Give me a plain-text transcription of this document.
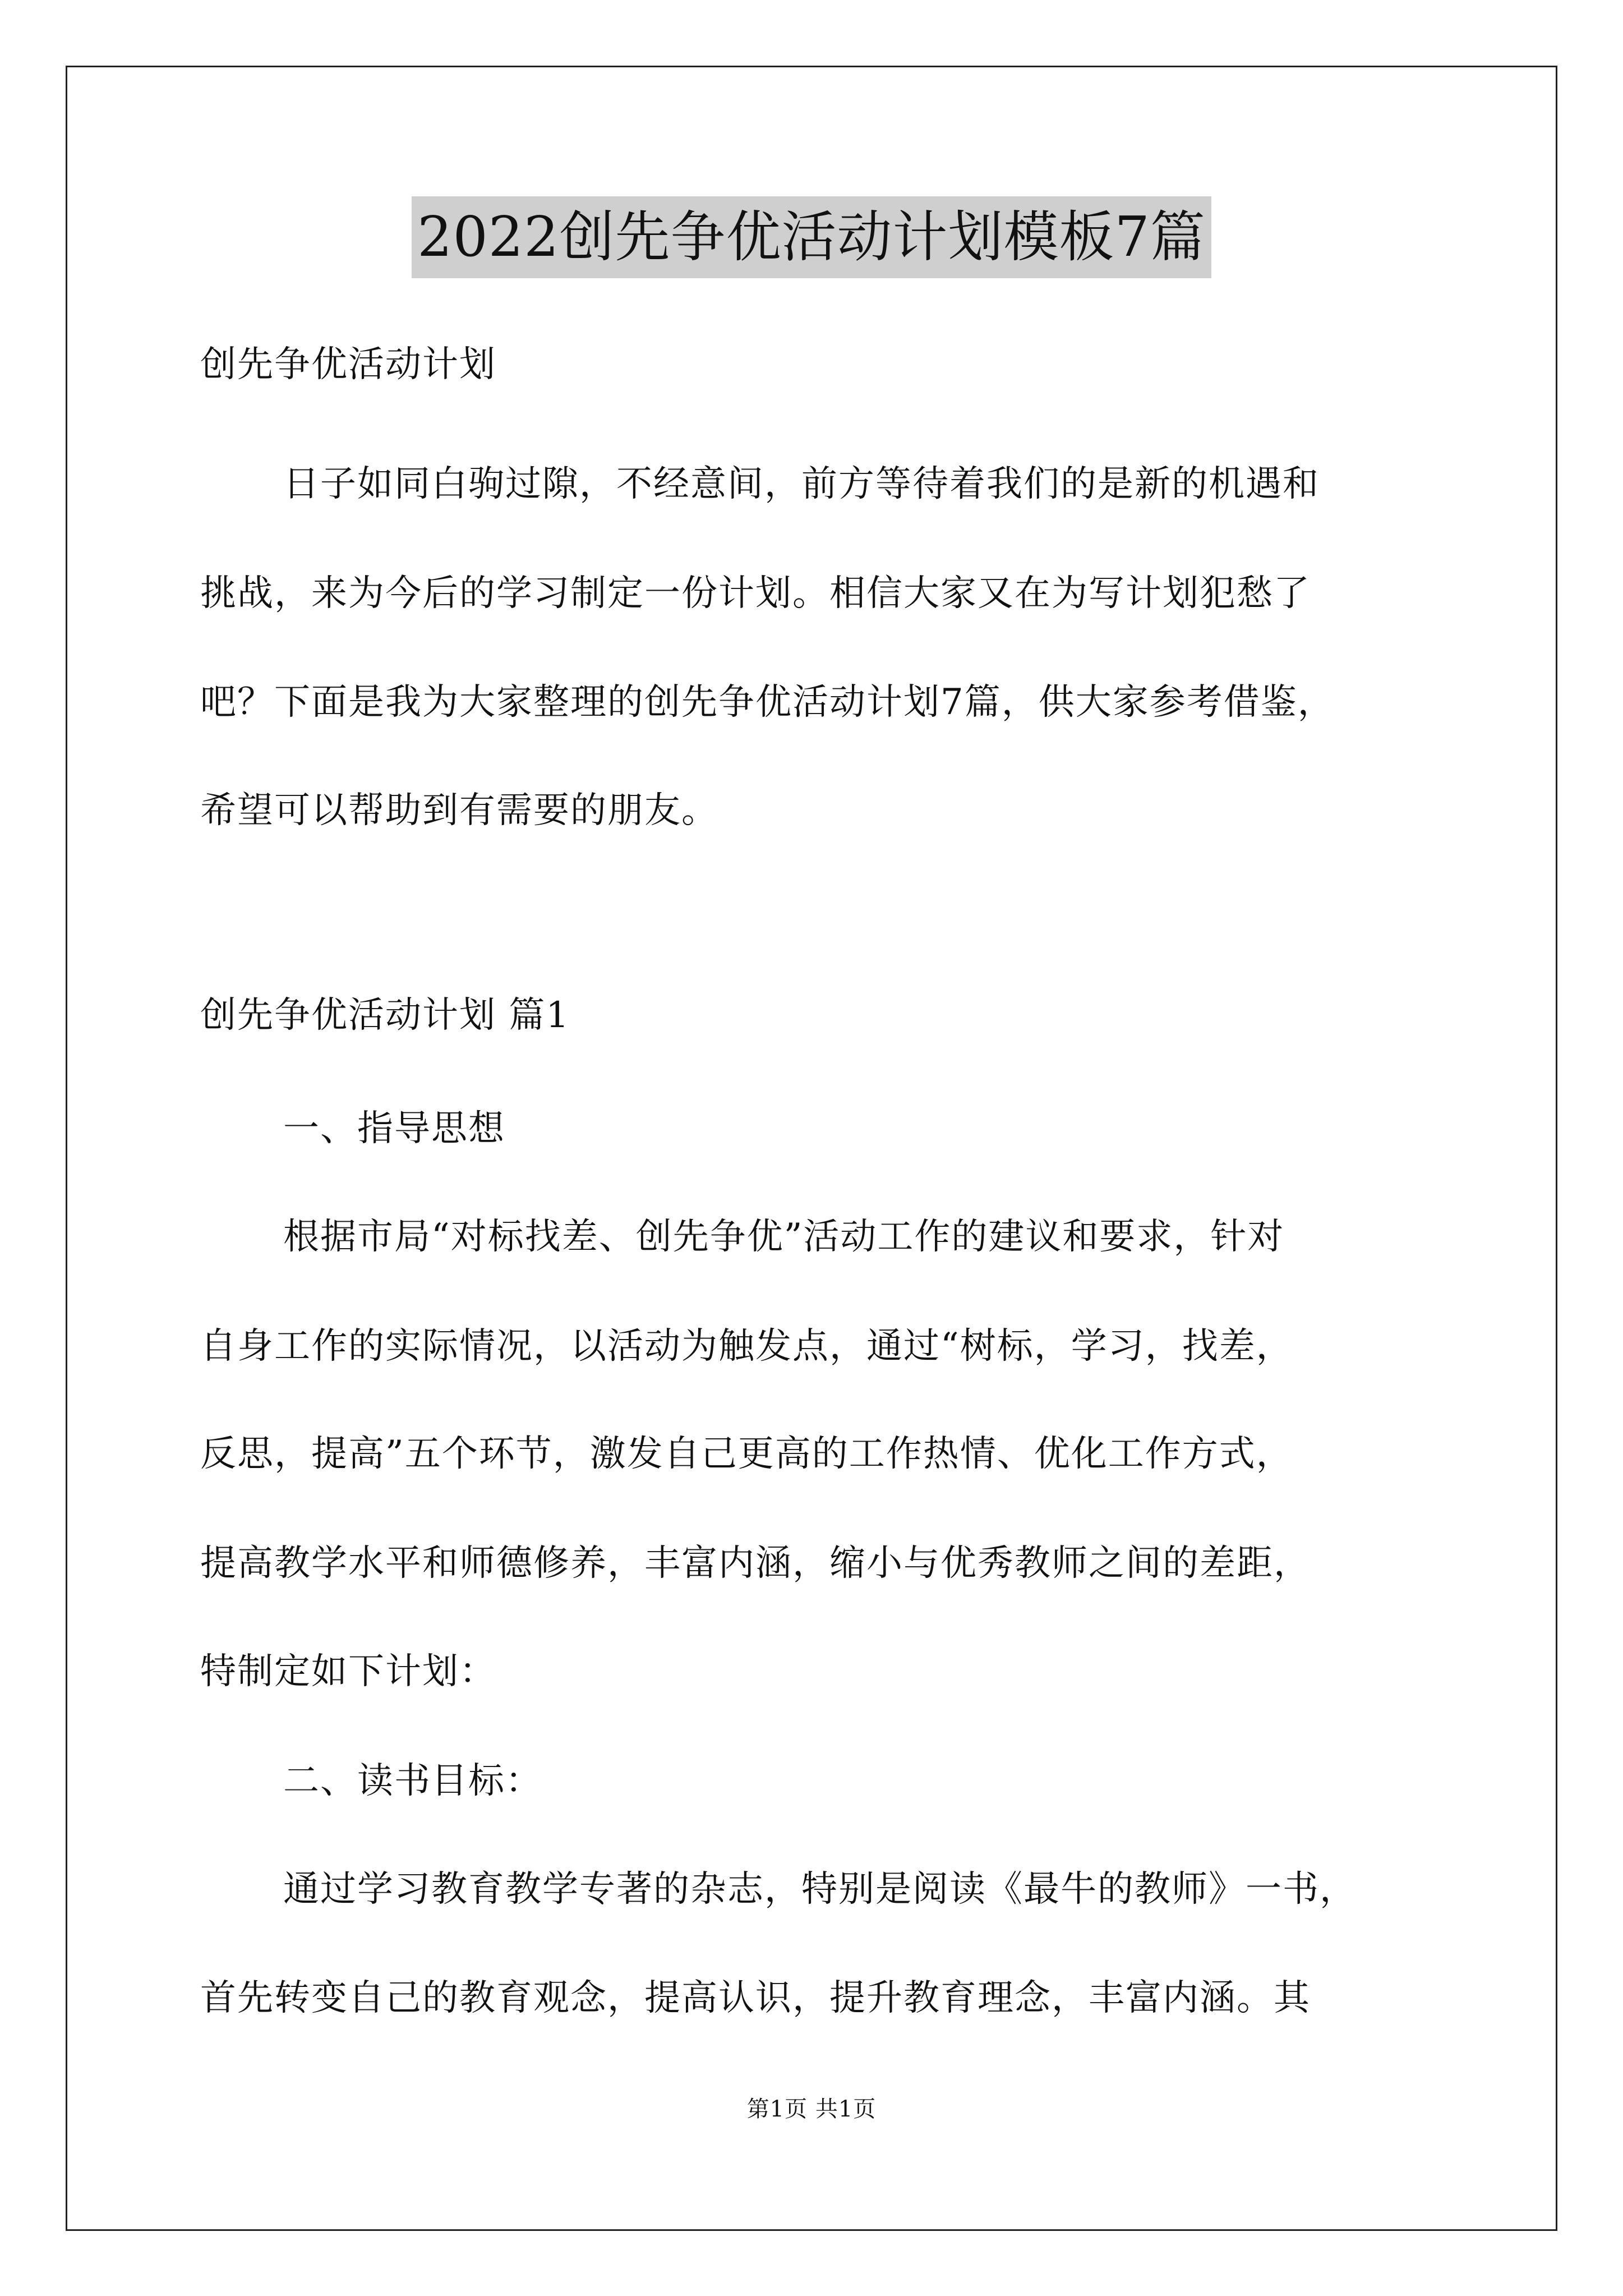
2022创先争优活动计划模板7篇
创先争优活动计划
日子如同白驹过隙，不经意间，前方等待着我们的是新的机遇和
挑战，来为今后的学习制定一份计划。相信大家又在为写计划犯愁了
吧？下面是我为大家整理的创先争优活动计划7篇，供大家参考借鉴，
希望可以帮助到有需要的朋友。
创先争优活动计划 篇1
一、指导思想
根据市局“对标找差、创先争优”活动工作的建议和要求，针对
自身工作的实际情况，以活动为触发点，通过“树标，学习，找差，
反思，提高”五个环节，激发自己更高的工作热情、优化工作方式，
提高教学水平和师德修养，丰富内涵，缩小与优秀教师之间的差距，
特制定如下计划：
二、读书目标：
通过学习教育教学专著的杂志，特别是阅读《最牛的教师》一书，
首先转变自己的教育观念，提高认识，提升教育理念，丰富内涵。其
第1页 共1页
